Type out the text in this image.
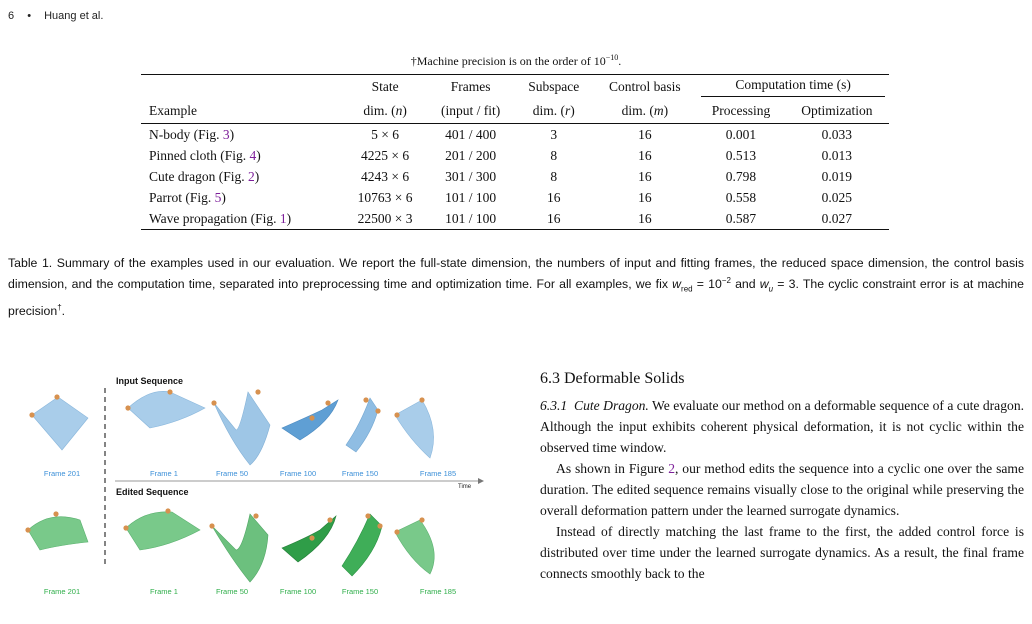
6 • Huang et al.
†Machine precision is on the order of $10^{-10}$.
	State	Frames	Subspace	Control basis	Computation time (s)	

Example	dim. (n)	(input / fit)	dim. (r)	dim. (m)	Processing	Optimization
N-body (Fig. 3)	5 × 6	401 / 400	3	16	0.001	0.033
Pinned cloth (Fig. 4)	4225 × 6	201 / 200	8	16	0.513	0.013
Cute dragon (Fig. 2)	4243 × 6	301 / 300	8	16	0.798	0.019
Parrot (Fig. 5)	10763 × 6	101 / 100	16	16	0.558	0.025
Wave propagation (Fig. 1)	22500 × 3	101 / 100	16	16	0.587	0.027
Table 1. Summary of the examples used in our evaluation. We report the full-state dimension, the numbers of input and fitting frames, the reduced space dimension, the control basis dimension, and the computation time, separated into preprocessing time and optimization time. For all examples, we fix $w_{red} = 10^{-2}$ and $w_u = 3$. The cyclic constraint error is at machine precision†.
Input Sequence
Edited Sequence	Time
Frame 201	Frame 1	Frame 50	Frame 100	Frame 150	Frame 185
Frame 201	Frame 1	Frame 50	Frame 100	Frame 150	Frame 185
6.3 Deformable Solids

6.3.1 Cute Dragon. We evaluate our method on a deformable sequence of a cute dragon. Although the input exhibits coherent physical deformation, it is not cyclic within the observed time window.

As shown in Figure 2, our method edits the sequence into a cyclic one over the same duration. The edited sequence remains visually close to the original while preserving the overall deformation pattern under the learned surrogate dynamics.

Instead of directly matching the last frame to the first, the added control force is distributed over time under the learned surrogate dynamics. As a result, the final frame connects smoothly back to the
